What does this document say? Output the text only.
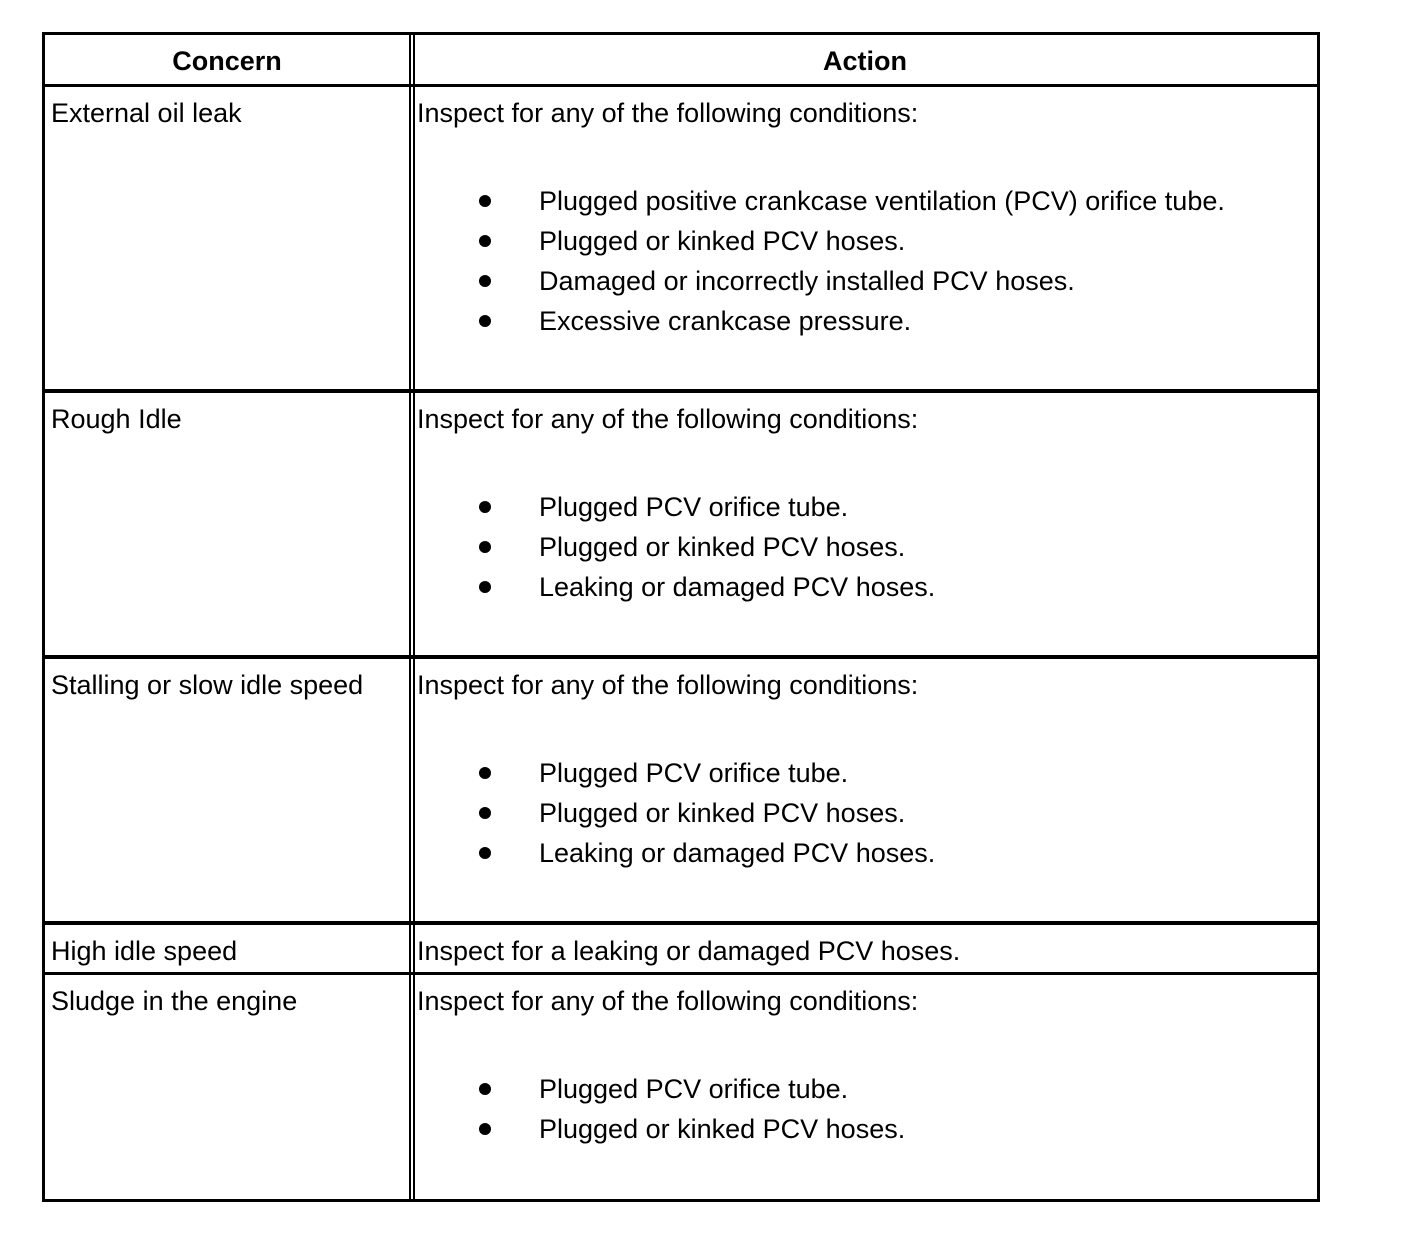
Concern	Action
External oil leak	Inspect for any of the following conditions:
Plugged positive crankcase ventilation (PCV) orifice tube.
Plugged or kinked PCV hoses.
Damaged or incorrectly installed PCV hoses.
Excessive crankcase pressure.
Rough Idle	Inspect for any of the following conditions:
Plugged PCV orifice tube.
Plugged or kinked PCV hoses.
Leaking or damaged PCV hoses.
Stalling or slow idle speed	Inspect for any of the following conditions:
Plugged PCV orifice tube.
Plugged or kinked PCV hoses.
Leaking or damaged PCV hoses.
High idle speed	Inspect for a leaking or damaged PCV hoses.
Sludge in the engine	Inspect for any of the following conditions:
Plugged PCV orifice tube.
Plugged or kinked PCV hoses.
